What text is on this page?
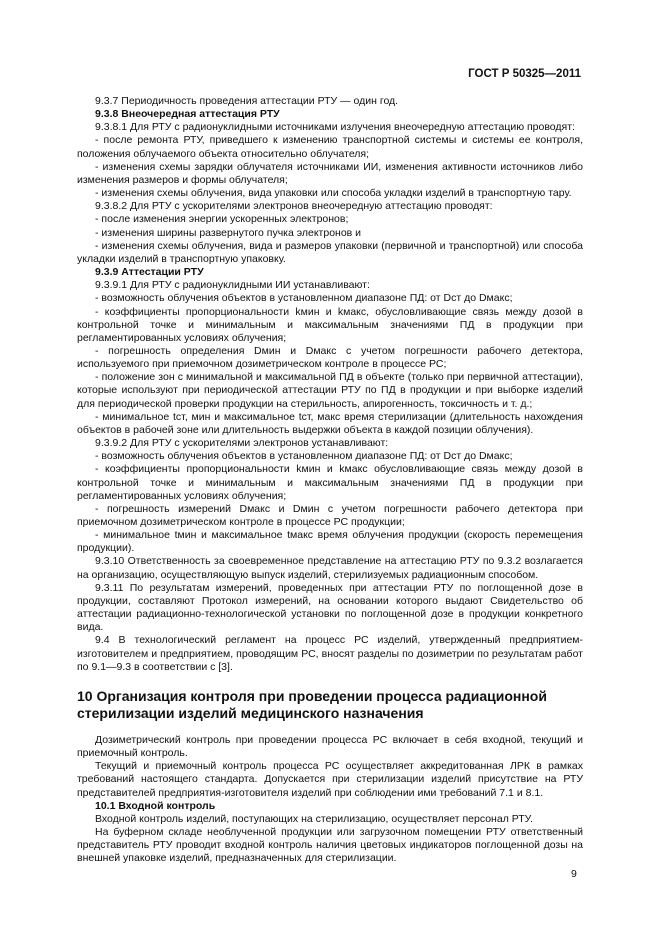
ГОСТ Р 50325—2011

9.3.7 Периодичность проведения аттестации РТУ — один год.

9.3.8 Внеочередная аттестация РТУ

9.3.8.1 Для РТУ с радионуклидными источниками излучения внеочередную аттестацию проводят:

- после ремонта РТУ, приведшего к изменению транспортной системы и системы ее контроля, положения облучаемого объекта относительно облучателя;

- изменения схемы зарядки облучателя источниками ИИ, изменения активности источников либо изменения размеров и формы облучателя;

- изменения схемы облучения, вида упаковки или способа укладки изделий в транспортную тару.

9.3.8.2 Для РТУ с ускорителями электронов внеочередную аттестацию проводят:

- после изменения энергии ускоренных электронов;

- изменения ширины развернутого пучка электронов и

- изменения схемы облучения, вида и размеров упаковки (первичной и транспортной) или способа укладки изделий в транспортную упаковку.

9.3.9 Аттестации РТУ

9.3.9.1 Для РТУ с радионуклидными ИИ устанавливают:

- возможность облучения объектов в установленном диапазоне ПД: от Dст до Dмакс;

- коэффициенты пропорциональности kмин и kмакс, обусловливающие связь между дозой в контрольной точке и минимальным и максимальным значениями ПД в продукции при регламентированных условиях облучения;

- погрешность определения Dмин и Dмакс с учетом погрешности рабочего детектора, используемого при приемочном дозиметрическом контроле в процессе РС;

- положение зон с минимальной и максимальной ПД в объекте (только при первичной аттестации), которые используют при периодической аттестации РТУ по ПД в продукции и при выборке изделий для периодической проверки продукции на стерильность, апирогенность, токсичность и т. д.;

- минимальное tст, мин и максимальное tст, макс время стерилизации (длительность нахождения объектов в рабочей зоне или длительность выдержки объекта в каждой позиции облучения).

9.3.9.2 Для РТУ с ускорителями электронов устанавливают:

- возможность облучения объектов в установленном диапазоне ПД: от Dст до Dмакс;

- коэффициенты пропорциональности kмин и kмакс обусловливающие связь между дозой в контрольной точке и минимальным и максимальным значениями ПД в продукции при регламентированных условиях облучения;

- погрешность измерений Dмакс и Dмин с учетом погрешности рабочего детектора при приемочном дозиметрическом контроле в процессе РС продукции;

- минимальное tмин и максимальное tмакс время облучения продукции (скорость перемещения продукции).

9.3.10 Ответственность за своевременное представление на аттестацию РТУ по 9.3.2 возлагается на организацию, осуществляющую выпуск изделий, стерилизуемых радиационным способом.

9.3.11 По результатам измерений, проведенных при аттестации РТУ по поглощенной дозе в продукции, составляют Протокол измерений, на основании которого выдают Свидетельство об аттестации радиационно-технологической установки по поглощенной дозе в продукции конкретного вида.

9.4 В технологический регламент на процесс РС изделий, утвержденный предприятием-изготовителем и предприятием, проводящим РС, вносят разделы по дозиметрии по результатам работ по 9.1—9.3 в соответствии с [3].

10 Организация контроля при проведении процесса радиационной стерилизации изделий медицинского назначения

Дозиметрический контроль при проведении процесса РС включает в себя входной, текущий и приемочный контроль.

Текущий и приемочный контроль процесса РС осуществляет аккредитованная ЛРК в рамках требований настоящего стандарта. Допускается при стерилизации изделий присутствие на РТУ представителей предприятия-изготовителя изделий при соблюдении ими требований 7.1 и 8.1.

10.1 Входной контроль

Входной контроль изделий, поступающих на стерилизацию, осуществляет персонал РТУ.

На буферном складе необлученной продукции или загрузочном помещении РТУ ответственный представитель РТУ проводит входной контроль наличия цветовых индикаторов поглощенной дозы на внешней упаковке изделий, предназначенных для стерилизации.

9
